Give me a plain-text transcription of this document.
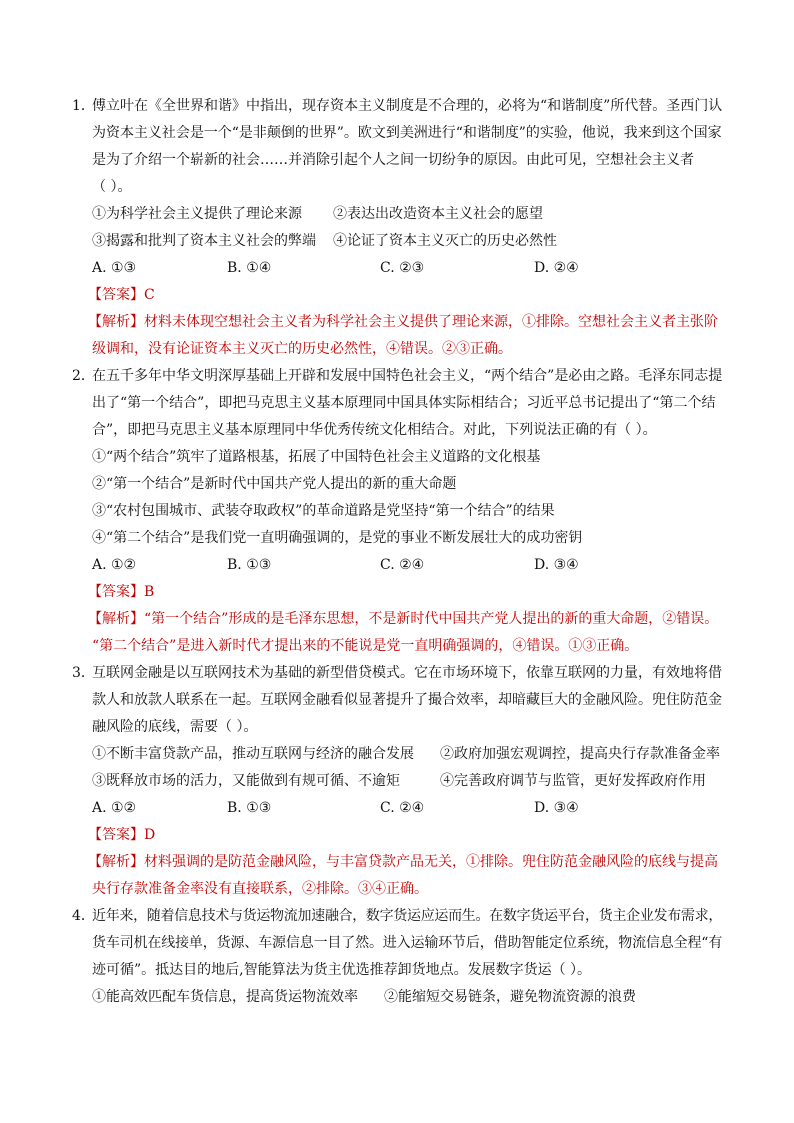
1．
傅立叶在《全世界和谐》中指出，现存资本主义制度是不合理的，必将为“和谐制度”所代替。圣西门认
为资本主义社会是一个“是非颠倒的世界”。欧文到美洲进行“和谐制度”的实验，他说，我来到这个国家
是为了介绍一个崭新的社会……并消除引起个人之间一切纷争的原因。由此可见，空想社会主义者
（ ）。
①为科学社会主义提供了理论来源 ②表达出改造资本主义社会的愿望
③揭露和批判了资本主义社会的弊端 ④论证了资本主义灭亡的历史必然性
A. ①③	B. ①④	C. ②③	D. ②④
【答案】C
【解析】材料未体现空想社会主义者为科学社会主义提供了理论来源，①排除。空想社会主义者主张阶
级调和，没有论证资本主义灭亡的历史必然性，④错误。②③正确。
2．
在五千多年中华文明深厚基础上开辟和发展中国特色社会主义，“两个结合”是必由之路。毛泽东同志提
出了“第一个结合”，即把马克思主义基本原理同中国具体实际相结合；习近平总书记提出了“第二个结
合”，即把马克思主义基本原理同中华优秀传统文化相结合。对此，下列说法正确的有（ ）。
①“两个结合”筑牢了道路根基，拓展了中国特色社会主义道路的文化根基
②“第一个结合”是新时代中国共产党人提出的新的重大命题
③“农村包围城市、武装夺取政权”的革命道路是党坚持“第一个结合”的结果
④“第二个结合”是我们党一直明确强调的，是党的事业不断发展壮大的成功密钥
A. ①②	B. ①③	C. ②④	D. ③④
【答案】B
【解析】“第一个结合”形成的是毛泽东思想，不是新时代中国共产党人提出的新的重大命题，②错误。
“第二个结合”是进入新时代才提出来的不能说是党一直明确强调的，④错误。①③正确。
3．
互联网金融是以互联网技术为基础的新型借贷模式。它在市场环境下，依靠互联网的力量，有效地将借
款人和放款人联系在一起。互联网金融看似显著提升了撮合效率，却暗藏巨大的金融风险。兜住防范金
融风险的底线，需要（ ）。
①不断丰富贷款产品，推动互联网与经济的融合发展 ②政府加强宏观调控，提高央行存款准备金率
③既释放市场的活力，又能做到有规可循、不逾矩	④完善政府调节与监管，更好发挥政府作用
A. ①②	B. ①③	C. ②④	D. ③④
【答案】D
【解析】材料强调的是防范金融风险，与丰富贷款产品无关，①排除。兜住防范金融风险的底线与提高
央行存款准备金率没有直接联系，②排除。③④正确。
4．
近年来，随着信息技术与货运物流加速融合，数字货运应运而生。在数字货运平台，货主企业发布需求，
货车司机在线接单，货源、车源信息一目了然。进入运输环节后，借助智能定位系统，物流信息全程“有
迹可循”。抵达目的地后,智能算法为货主优选推荐卸货地点。发展数字货运（ ）。
①能高效匹配车货信息，提高货运物流效率 ②能缩短交易链条，避免物流资源的浪费
